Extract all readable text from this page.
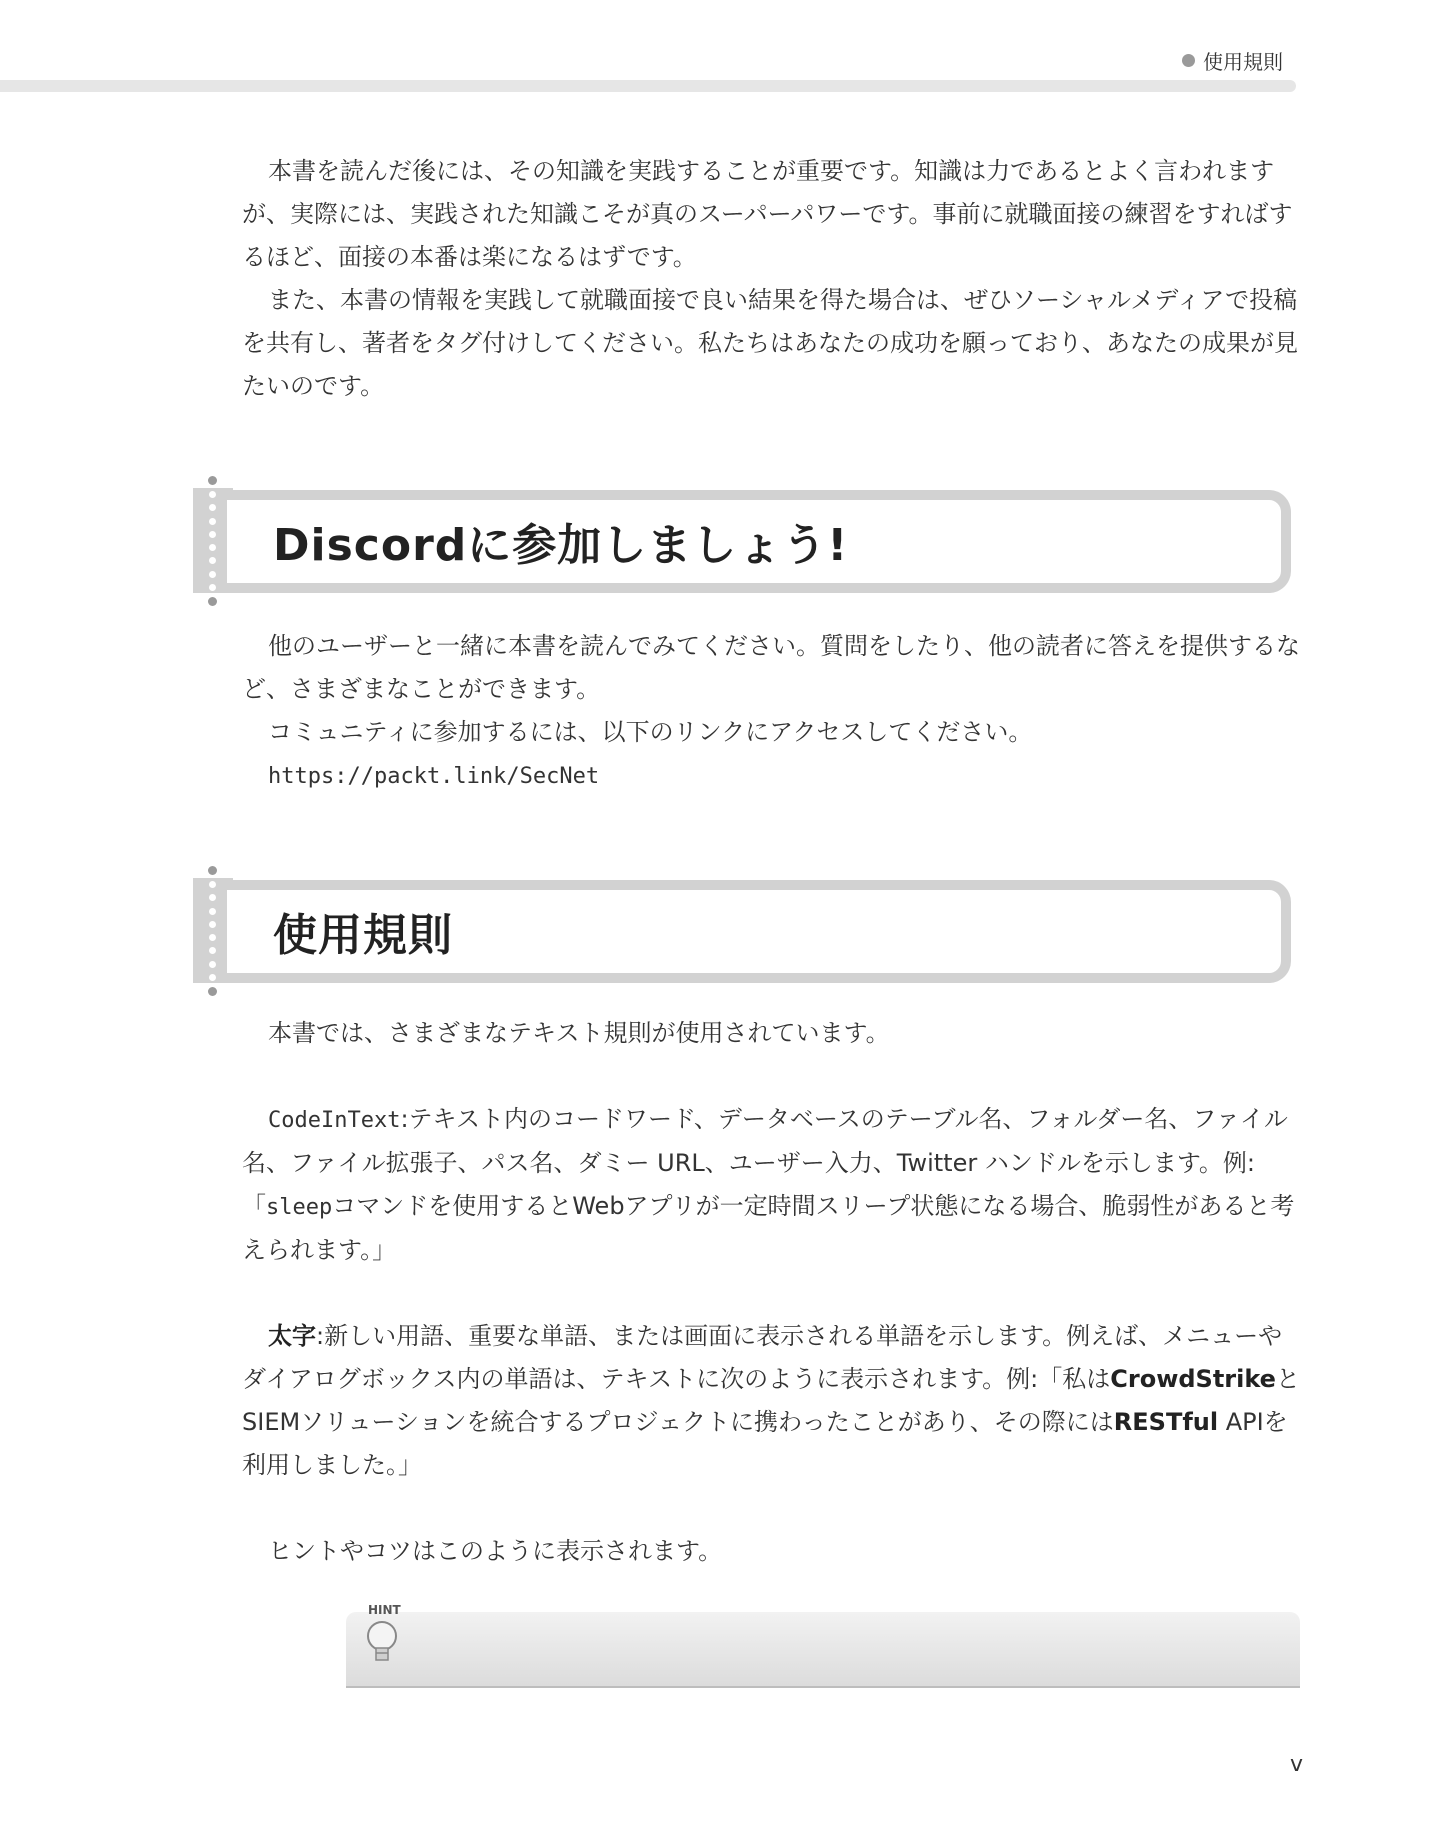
使用規則

本書を読んだ後には、その知識を実践することが重要です。知識は力であるとよく言われますが、実際には、実践された知識こそが真のスーパーパワーです。事前に就職面接の練習をすればするほど、面接の本番は楽になるはずです。

また、本書の情報を実践して就職面接で良い結果を得た場合は、ぜひソーシャルメディアで投稿を共有し、著者をタグ付けしてください。私たちはあなたの成功を願っており、あなたの成果が見たいのです。

Discordに参加しましょう!

他のユーザーと一緒に本書を読んでみてください。質問をしたり、他の読者に答えを提供するなど、さまざまなことができます。

コミュニティに参加するには、以下のリンクにアクセスしてください。

https://packt.link/SecNet

使用規則

本書では、さまざまなテキスト規則が使用されています。

CodeInText:テキスト内のコードワード、データベースのテーブル名、フォルダー名、ファイル名、ファイル拡張子、パス名、ダミー URL、ユーザー入力、Twitter ハンドルを示します。例:「sleepコマンドを使用するとWebアプリが一定時間スリープ状態になる場合、脆弱性があると考えられます。」

太字:新しい用語、重要な単語、または画面に表示される単語を示します。例えば、メニューやダイアログボックス内の単語は、テキストに次のように表示されます。例:「私はCrowdStrikeとSIEMソリューションを統合するプロジェクトに携わったことがあり、その際にはRESTful APIを利用しました。」

ヒントやコツはこのように表示されます。

HINT
v
